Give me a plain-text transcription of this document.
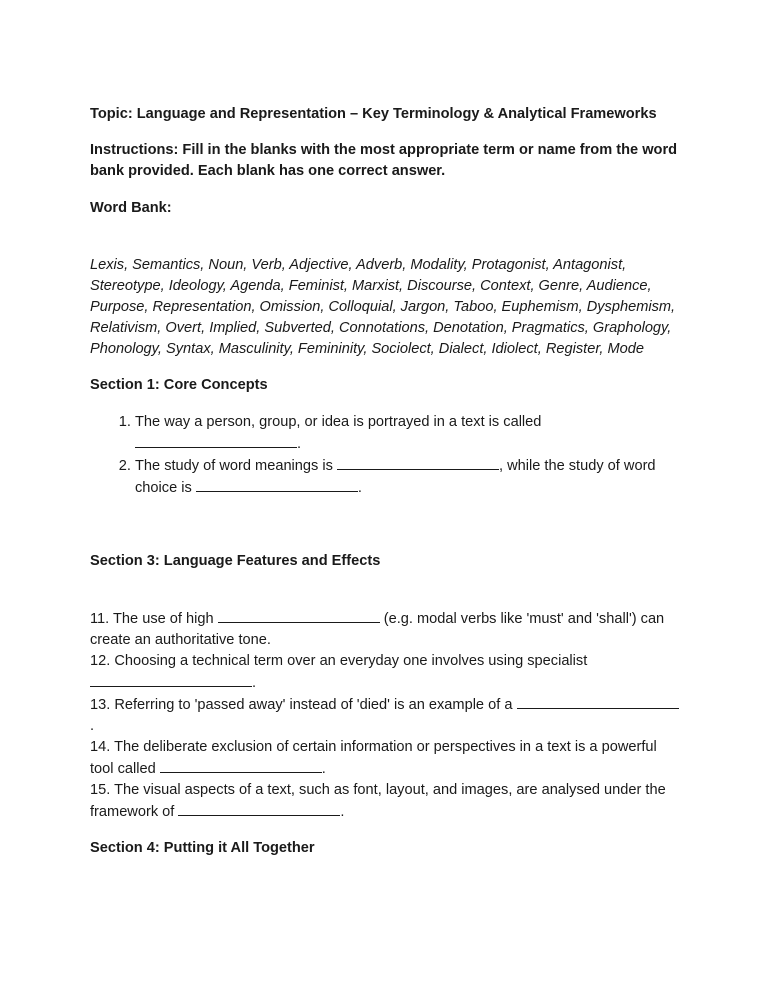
Topic: Language and Representation – Key Terminology & Analytical Frameworks

Instructions: Fill in the blanks with the most appropriate term or name from the word bank provided. Each blank has one correct answer.

Word Bank:

Lexis, Semantics, Noun, Verb, Adjective, Adverb, Modality, Protagonist, Antagonist, Stereotype, Ideology, Agenda, Feminist, Marxist, Discourse, Context, Genre, Audience, Purpose, Representation, Omission, Colloquial, Jargon, Taboo, Euphemism, Dysphemism, Relativism, Overt, Implied, Subverted, Connotations, Denotation, Pragmatics, Graphology, Phonology, Syntax, Masculinity, Femininity, Sociolect, Dialect, Idiolect, Register, Mode

Section 1: Core Concepts

1. The way a person, group, or idea is portrayed in a text is called .
2. The study of word meanings is	, while the study of word choice is	.

Section 3: Language Features and Effects

11. The use of high	(e.g. modal verbs like 'must' and 'shall') can create an authoritative tone.

12. Choosing a technical term over an everyday one involves using specialist .

13. Referring to 'passed away' instead of 'died' is an example of a .

14. The deliberate exclusion of certain information or perspectives in a text is a powerful tool called	.

15. The visual aspects of a text, such as font, layout, and images, are analysed under the framework of	.

Section 4: Putting it All Together
